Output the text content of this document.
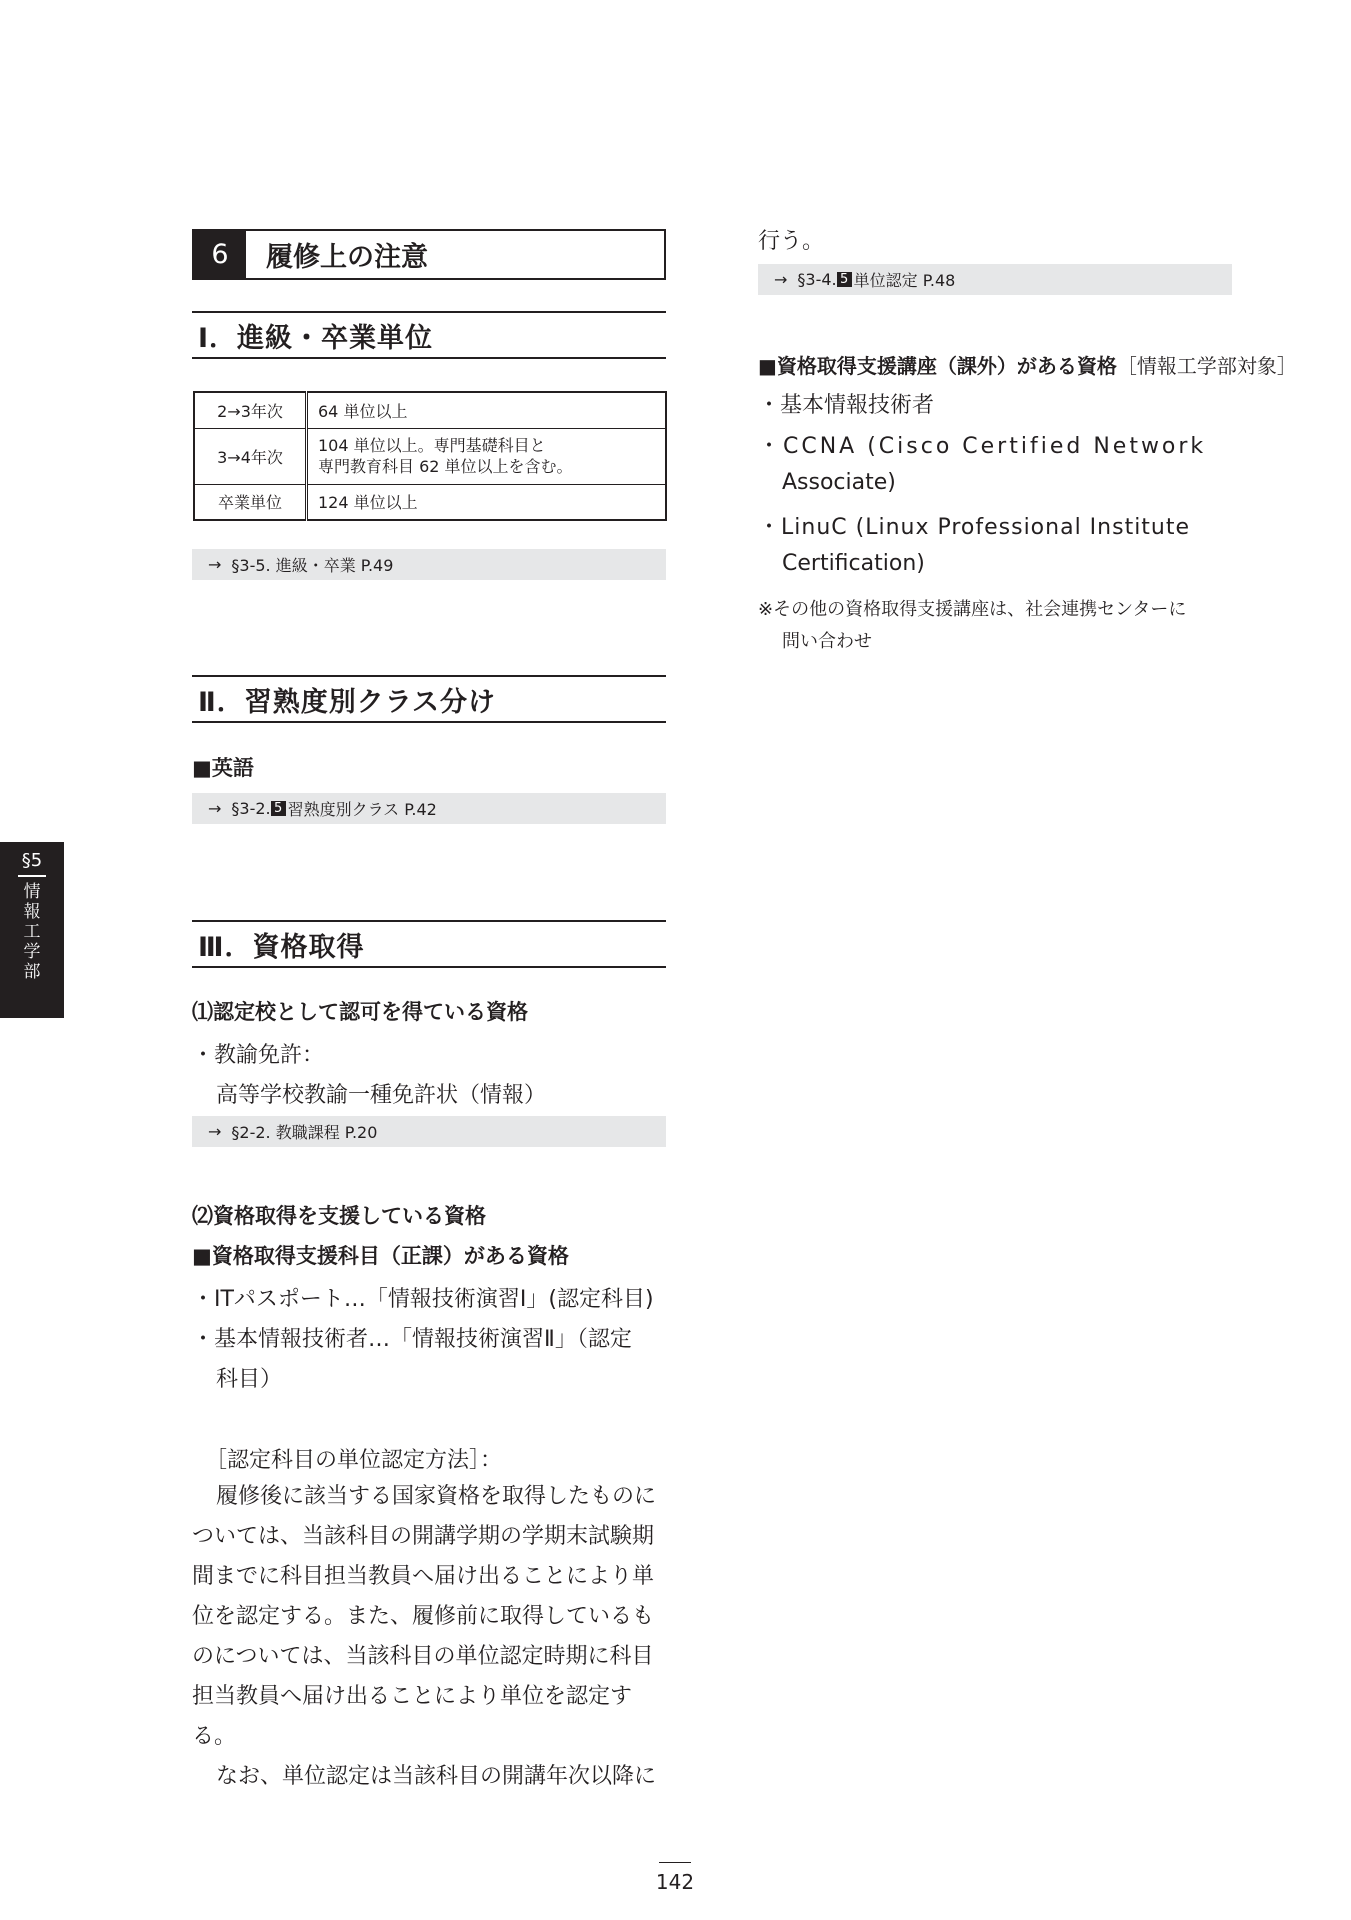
6	履修上の注意
Ⅰ．進級・卒業単位
2→3年次	64 単位以上
3→4年次	104 単位以上。専門基礎科目と
専門教育科目 62 単位以上を含む。

卒業単位	124 単位以上
→ §3-5. 進級・卒業 P.49
Ⅱ．習熟度別クラス分け
■英語
→ §3-2. 5 習熟度別クラス P.42
Ⅲ．資格取得
⑴認定校として認可を得ている資格
・教諭免許：
高等学校教諭一種免許状（情報）
→ §2-2. 教職課程 P.20
⑵資格取得を支援している資格
■資格取得支援科目（正課）がある資格
・ITパスポート…「情報技術演習Ⅰ」(認定科目)
・基本情報技術者…「情報技術演習Ⅱ」（認定
科目）
［認定科目の単位認定方法］：
履修後に該当する国家資格を取得したものに
ついては、当該科目の開講学期の学期末試験期
間までに科目担当教員へ届け出ることにより単
位を認定する。また、履修前に取得しているも
のについては、当該科目の単位認定時期に科目
担当教員へ届け出ることにより単位を認定す
る。
なお、単位認定は当該科目の開講年次以降に
行う。
→ §3-4. 5 単位認定 P.48
■資格取得支援講座（課外）がある資格［情報工学部対象］
・基本情報技術者
・CCNA (Cisco Certified Network
Associate)
・LinuC (Linux Professional Institute
Certification)
※その他の資格取得支援講座は、社会連携センターに
問い合わせ
§5
情
報
工
学
部
142
